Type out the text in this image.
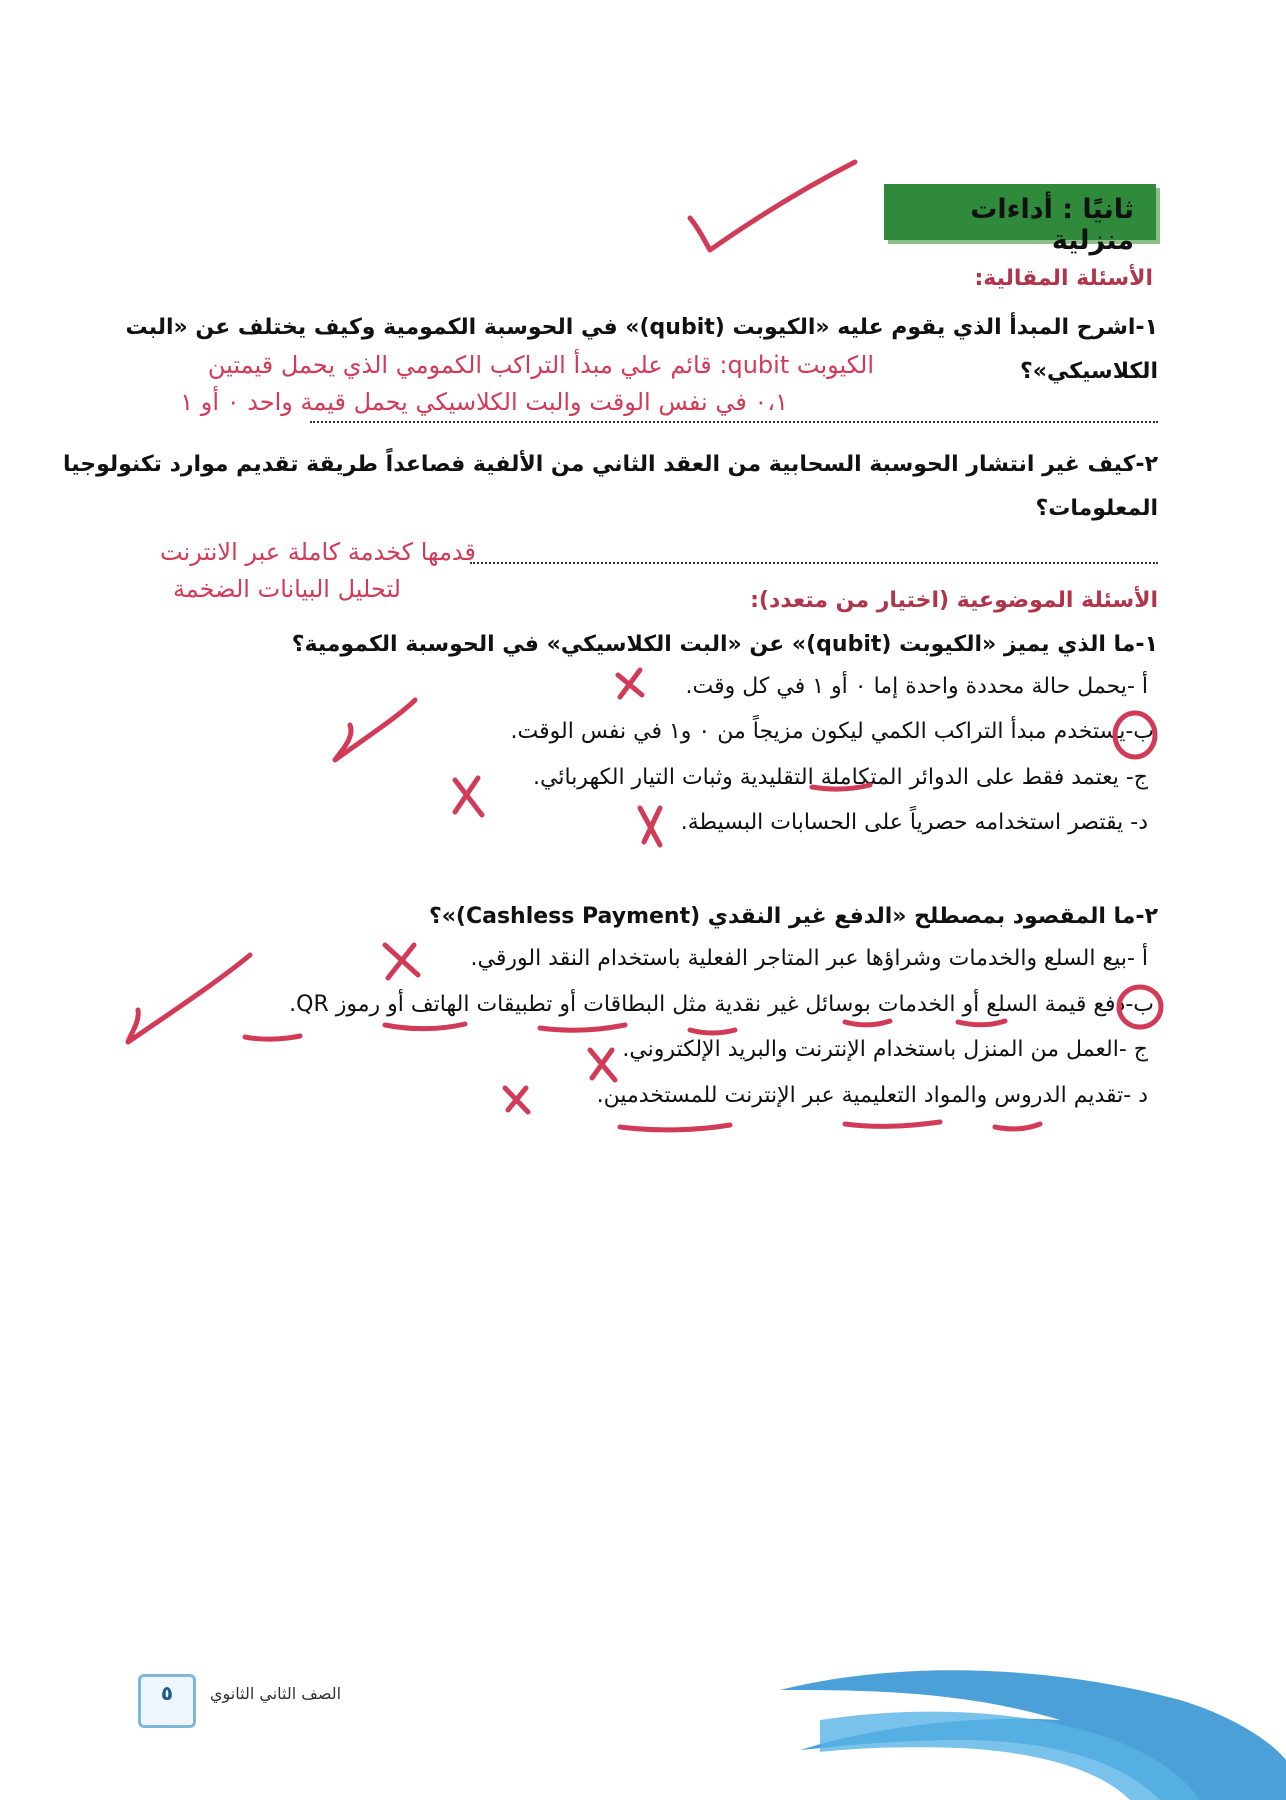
ثانيًا : أداءات منزلية
الأسئلة المقالية:
١-اشرح المبدأ الذي يقوم عليه «الكيوبت (qubit)» في الحوسبة الكمومية وكيف يختلف عن «البت
الكلاسيكي»؟
الكيوبت qubit: قائم علي مبدأ التراكب الكمومي الذي يحمل قيمتين
٠،١ في نفس الوقت والبت الكلاسيكي يحمل قيمة واحد ٠ أو ١
٢-كيف غير انتشار الحوسبة السحابية من العقد الثاني من الألفية فصاعداً طريقة تقديم موارد تكنولوجيا
المعلومات؟
قدمها كخدمة كاملة عبر الانترنت
لتحليل البيانات الضخمة	الأسئلة الموضوعية (اختيار من متعدد):
١-ما الذي يميز «الكيوبت (qubit)» عن «البت الكلاسيكي» في الحوسبة الكمومية؟
أ -يحمل حالة محددة واحدة إما ٠ أو ١ في كل وقت.
ب-يستخدم مبدأ التراكب الكمي ليكون مزيجاً من ٠ و١ في نفس الوقت.
ج- يعتمد فقط على الدوائر المتكاملة التقليدية وثبات التيار الكهربائي.
د- يقتصر استخدامه حصرياً على الحسابات البسيطة.
٢-ما المقصود بمصطلح «الدفع غير النقدي (Cashless Payment)»؟
أ -بيع السلع والخدمات وشراؤها عبر المتاجر الفعلية باستخدام النقد الورقي.
ب-دفع قيمة السلع أو الخدمات بوسائل غير نقدية مثل البطاقات أو تطبيقات الهاتف أو رموز QR.
ج -العمل من المنزل باستخدام الإنترنت والبريد الإلكتروني.
د -تقديم الدروس والمواد التعليمية عبر الإنترنت للمستخدمين.
الصف الثاني الثانوي
٥
